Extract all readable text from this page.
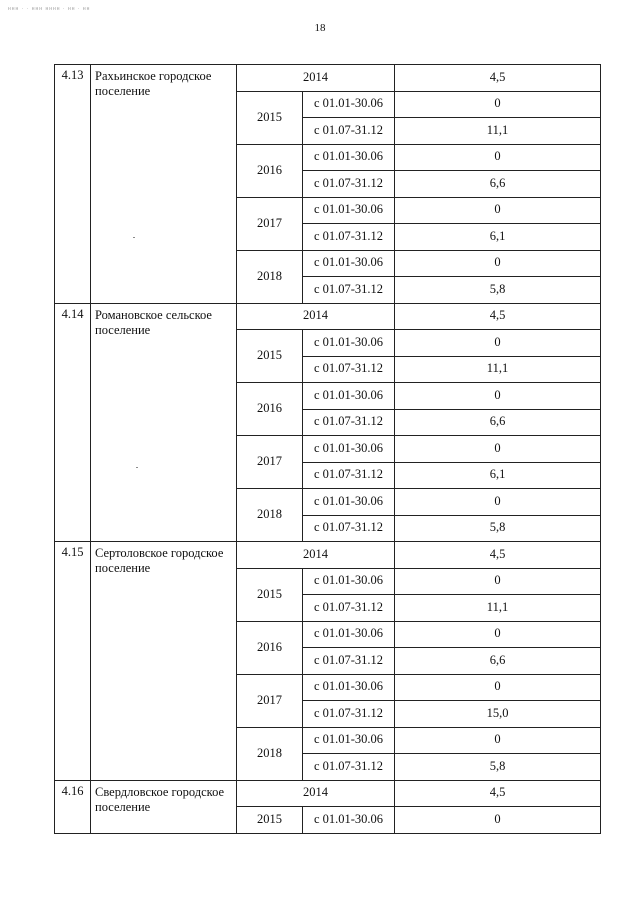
ннн · · ннн нннн · нн · нн
18
4.13	Рахьинское городское поселение	2014		4,5
		2015	с 01.01-30.06	0
			с 01.07-31.12	11,1
		2016	с 01.01-30.06	0
			с 01.07-31.12	6,6
		2017	с 01.01-30.06	0
			с 01.07-31.12	6,1
		2018	с 01.01-30.06	0
			с 01.07-31.12	5,8
4.14	Романовское сельское поселение	2014		4,5
		2015	с 01.01-30.06	0
			с 01.07-31.12	11,1
		2016	с 01.01-30.06	0
			с 01.07-31.12	6,6
		2017	с 01.01-30.06	0
			с 01.07-31.12	6,1
		2018	с 01.01-30.06	0
			с 01.07-31.12	5,8
4.15	Сертоловское городское поселение	2014		4,5
		2015	с 01.01-30.06	0
			с 01.07-31.12	11,1
		2016	с 01.01-30.06	0
			с 01.07-31.12	6,6
		2017	с 01.01-30.06	0
			с 01.07-31.12	15,0
		2018	с 01.01-30.06	0
			с 01.07-31.12	5,8
4.16	Свердловское городское поселение	2014		4,5
		2015	с 01.01-30.06	0
